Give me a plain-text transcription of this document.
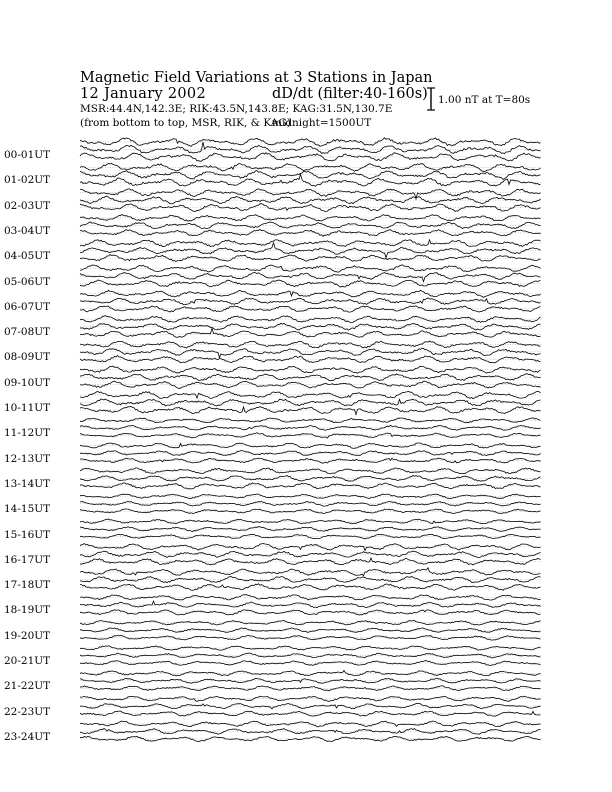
Magnetic Field Variations at 3 Stations in Japan
12 January 2002	dD/dt (filter:40-160s)
MSR:44.4N,142.3E; RIK:43.5N,143.8E; KAG:31.5N,130.7E
(from bottom to top, MSR, RIK, & KAG)
midnight=1500UT
1.00 nT at T=80s
00-01UT
01-02UT
02-03UT
03-04UT
04-05UT
05-06UT
06-07UT
07-08UT
08-09UT
09-10UT
10-11UT
11-12UT
12-13UT
13-14UT
14-15UT
15-16UT
16-17UT
17-18UT
18-19UT
19-20UT
20-21UT
21-22UT
22-23UT
23-24UT
